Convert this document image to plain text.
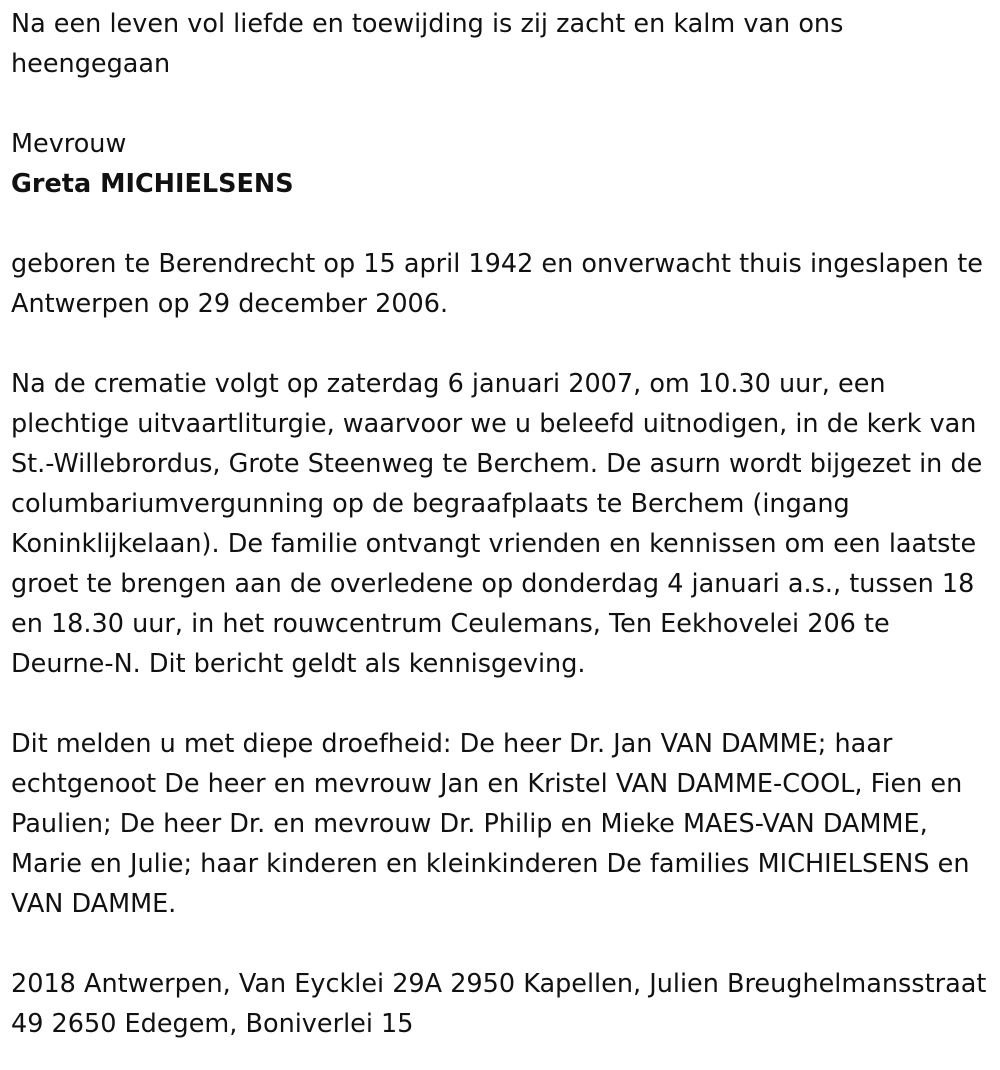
Na een leven vol liefde en toewijding is zij zacht en kalm van ons heengegaan

Mevrouw

Greta MICHIELSENS

geboren te Berendrecht op 15 april 1942 en onverwacht thuis ingeslapen te Antwerpen op 29 december 2006.

Na de crematie volgt op zaterdag 6 januari 2007, om 10.30 uur, een plechtige uitvaartliturgie, waarvoor we u beleefd uitnodigen, in de kerk van St.-Willebrordus, Grote Steenweg te Berchem. De asurn wordt bijgezet in de columbariumvergunning op de begraafplaats te Berchem (ingang Koninklijkelaan). De familie ontvangt vrienden en kennissen om een laatste groet te brengen aan de overledene op donderdag 4 januari a.s., tussen 18 en 18.30 uur, in het rouwcentrum Ceulemans, Ten Eekhovelei 206 te Deurne-N. Dit bericht geldt als kennisgeving.

Dit melden u met diepe droefheid: De heer Dr. Jan VAN DAMME; haar echtgenoot De heer en mevrouw Jan en Kristel VAN DAMME-COOL, Fien en Paulien; De heer Dr. en mevrouw Dr. Philip en Mieke MAES-VAN DAMME, Marie en Julie; haar kinderen en kleinkinderen De families MICHIELSENS en VAN DAMME.

2018 Antwerpen, Van Eycklei 29A 2950 Kapellen, Julien Breughelmansstraat 49 2650 Edegem, Boniverlei 15
